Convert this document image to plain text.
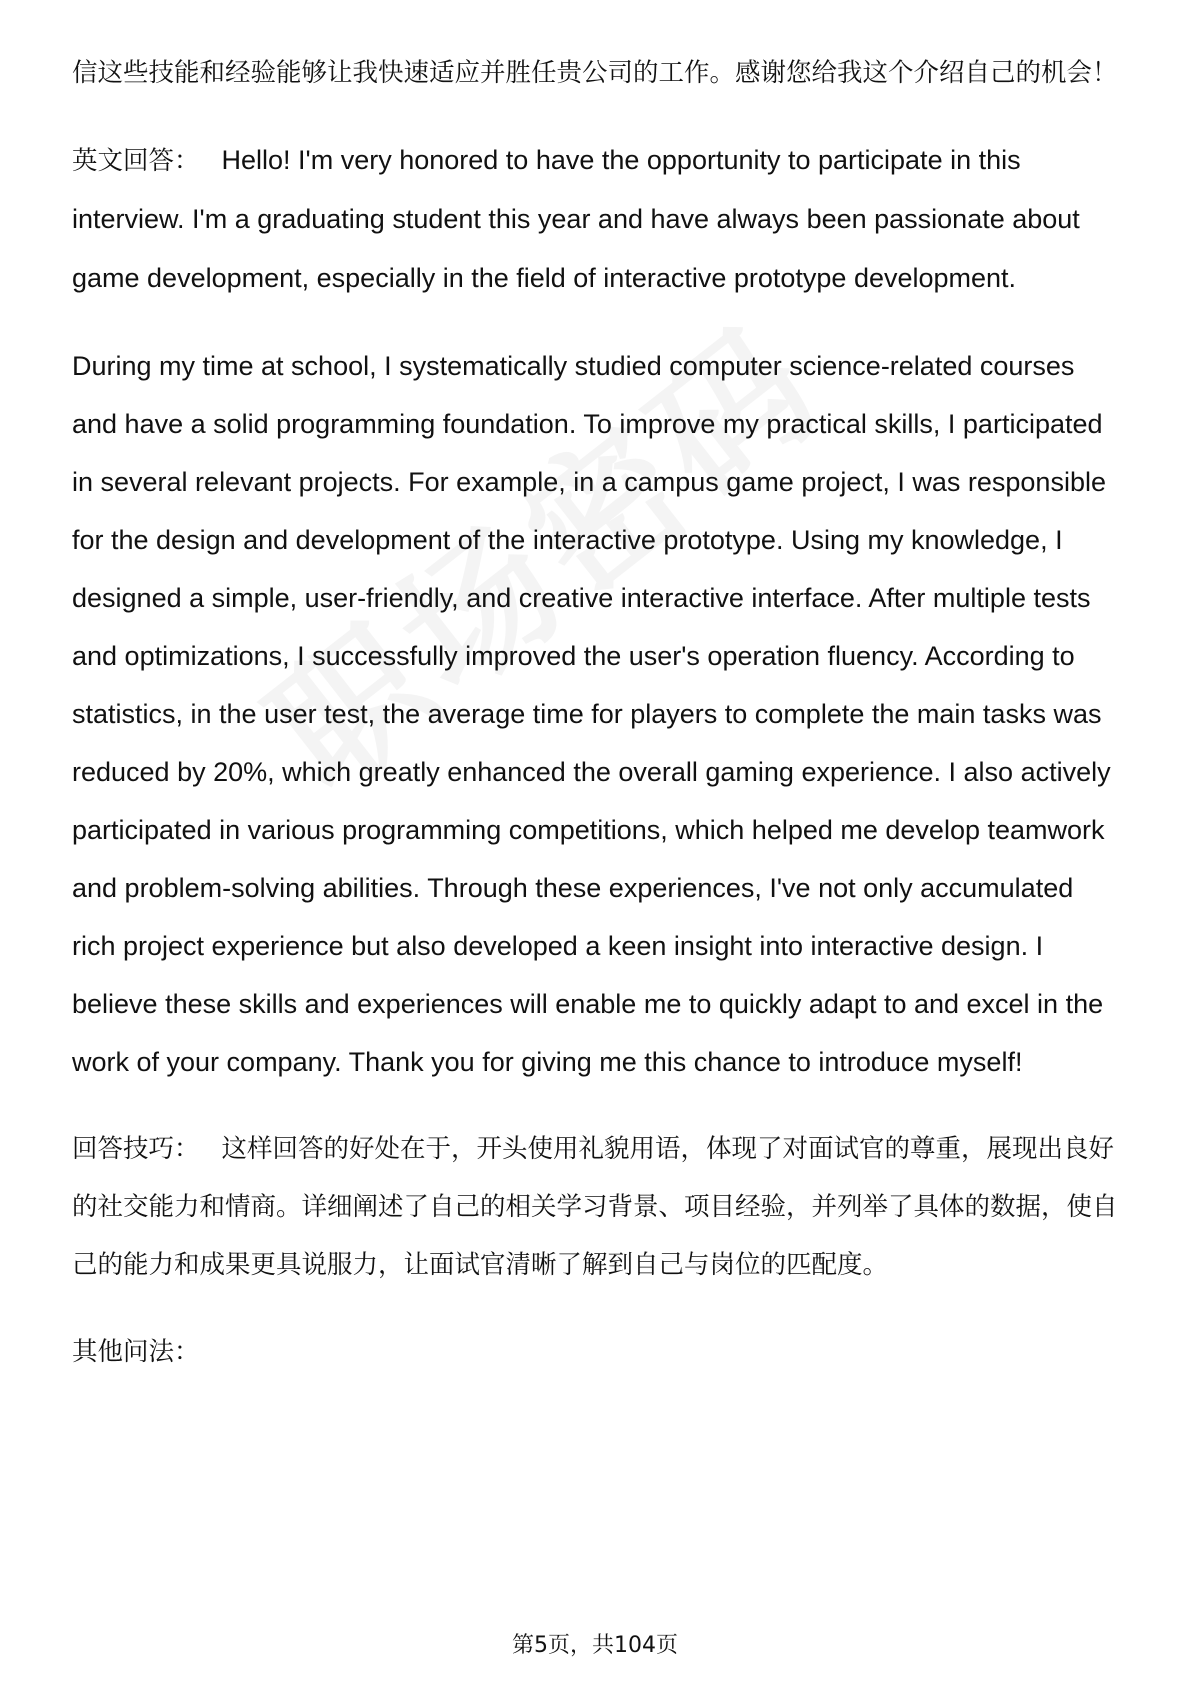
信这些技能和经验能够让我快速适应并胜任贵公司的工作。感谢您给我这个介绍自己的机会！

英文回答： Hello! I'm very honored to have the opportunity to participate in this interview. I'm a graduating student this year and have always been passionate about game development, especially in the field of interactive prototype development.

During my time at school, I systematically studied computer science-related courses and have a solid programming foundation. To improve my practical skills, I participated in several relevant projects. For example, in a campus game project, I was responsible for the design and development of the interactive prototype. Using my knowledge, I designed a simple, user-friendly, and creative interactive interface. After multiple tests and optimizations, I successfully improved the user's operation fluency. According to statistics, in the user test, the average time for players to complete the main tasks was reduced by 20%, which greatly enhanced the overall gaming experience. I also actively participated in various programming competitions, which helped me develop teamwork and problem-solving abilities. Through these experiences, I've not only accumulated rich project experience but also developed a keen insight into interactive design. I believe these skills and experiences will enable me to quickly adapt to and excel in the work of your company. Thank you for giving me this chance to introduce myself!

回答技巧： 这样回答的好处在于，开头使用礼貌用语，体现了对面试官的尊重，展现出良好的社交能力和情商。详细阐述了自己的相关学习背景、项目经验，并列举了具体的数据，使自己的能力和成果更具说服力，让面试官清晰了解到自己与岗位的匹配度。

其他问法：

第5页，共104页
